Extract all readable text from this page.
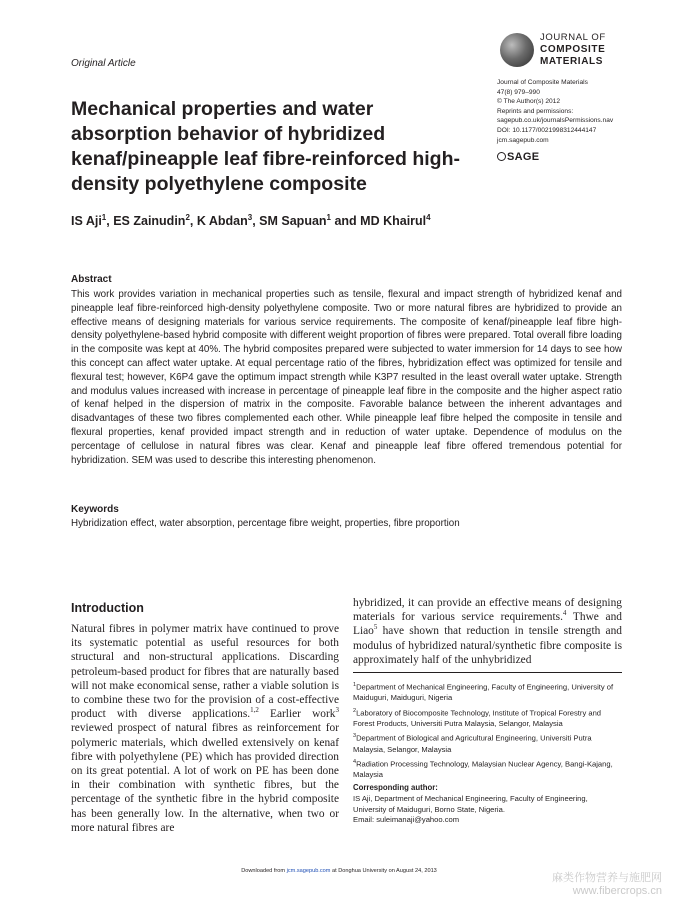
Original Article
JOURNAL OF
COMPOSITE
MATERIALS
Journal of Composite Materials
47(8) 979–990
© The Author(s) 2012
Reprints and permissions:
sagepub.co.uk/journalsPermissions.nav
DOI: 10.1177/0021998312444147
jcm.sagepub.com
SAGE
Mechanical properties and water absorption behavior of hybridized kenaf/pineapple leaf fibre-reinforced high-density polyethylene composite
IS Aji$^1$, ES Zainudin$^2$, K Abdan$^3$, SM Sapuan$^1$ and MD Khairul$^4$
Abstract
This work provides variation in mechanical properties such as tensile, flexural and impact strength of hybridized kenaf and pineapple leaf fibre-reinforced high-density polyethylene composite. Two or more natural fibres are hybridized to provide an effective means of designing materials for various service requirements. The composite of kenaf/pineapple leaf fibre high-density polyethylene-based hybrid composite with different weight proportion of fibres were prepared. Total overall fibre loading in the composite was kept at 40%. The hybrid composites prepared were subjected to water immersion for 14 days to see how this concept can affect water uptake. At equal percentage ratio of the fibres, hybridization effect was optimized for tensile and flexural test; however, K6P4 gave the optimum impact strength while K3P7 resulted in the least overall water uptake. Strength and modulus values increased with increase in percentage of pineapple leaf fibre in the composite and the higher aspect ratio of kenaf helped in the dispersion of matrix in the composite. Favorable balance between the inherent advantages and disadvantages of these two fibres complemented each other. While pineapple leaf fibre helped the composite in tensile and flexural properties, kenaf provided impact strength and in reduction of water uptake. Dependence of modulus on the percentage of cellulose in natural fibres was clear. Kenaf and pineapple leaf fibre offered tremendous potential for hybridization. SEM was used to describe this interesting phenomenon.
Keywords
Hybridization effect, water absorption, percentage fibre weight, properties, fibre proportion
Introduction
Natural fibres in polymer matrix have continued to prove its systematic potential as useful resources for both structural and non-structural applications. Discarding petroleum-based product for fibres that are naturally based will not make economical sense, rather a viable solution is to combine these two for the provision of a cost-effective product with diverse applications.$^{1,2}$ Earlier work$^3$ reviewed prospect of natural fibres as reinforcement for polymeric materials, which dwelled extensively on kenaf fibre with polyethylene (PE) which has provided direction on its great potential. A lot of work on PE has been done in their combination with synthetic fibres, but the percentage of the synthetic fibre in the hybrid composite has been generally low. In the alternative, when two or more natural fibres are
hybridized, it can provide an effective means of designing materials for various service requirements.$^4$ Thwe and Liao$^5$ have shown that reduction in tensile strength and modulus of hybridized natural/synthetic fibre composite is approximately half of the unhybridized
$^1$Department of Mechanical Engineering, Faculty of Engineering, University of Maiduguri, Maiduguri, Nigeria
$^2$Laboratory of Biocomposite Technology, Institute of Tropical Forestry and Forest Products, Universiti Putra Malaysia, Selangor, Malaysia
$^3$Department of Biological and Agricultural Engineering, Universiti Putra Malaysia, Selangor, Malaysia
$^4$Radiation Processing Technology, Malaysian Nuclear Agency, Bangi-Kajang, Malaysia
Corresponding author:
IS Aji, Department of Mechanical Engineering, Faculty of Engineering, University of Maiduguri, Borno State, Nigeria.
Email: suleimanaji@yahoo.com
Downloaded from jcm.sagepub.com at Donghua University on August 24, 2013
麻类作物营养与施肥网
www.fibercrops.cn
